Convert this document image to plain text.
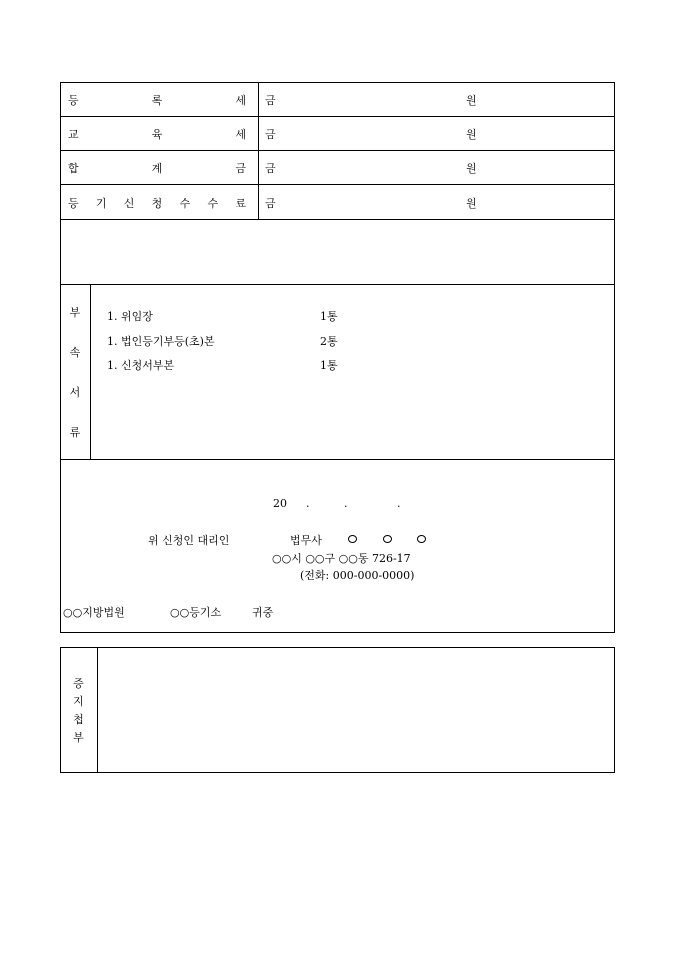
등	록	세 금	원
교	육	세 금	원
합	계	금 금	원
등 기 신 청 수 수 료 금	원
부
속
서
류
1. 위임장	1통
1. 법인등기부등(초)본	2통
1. 신청서부본	1통
20 .	.	.
위 신청인 대리인	법무사

○○시 ○○구 ○○동 726-17
(전화: 000-000-0000)
○○지방법원	○○등기소	귀중
증
지
첩
부
